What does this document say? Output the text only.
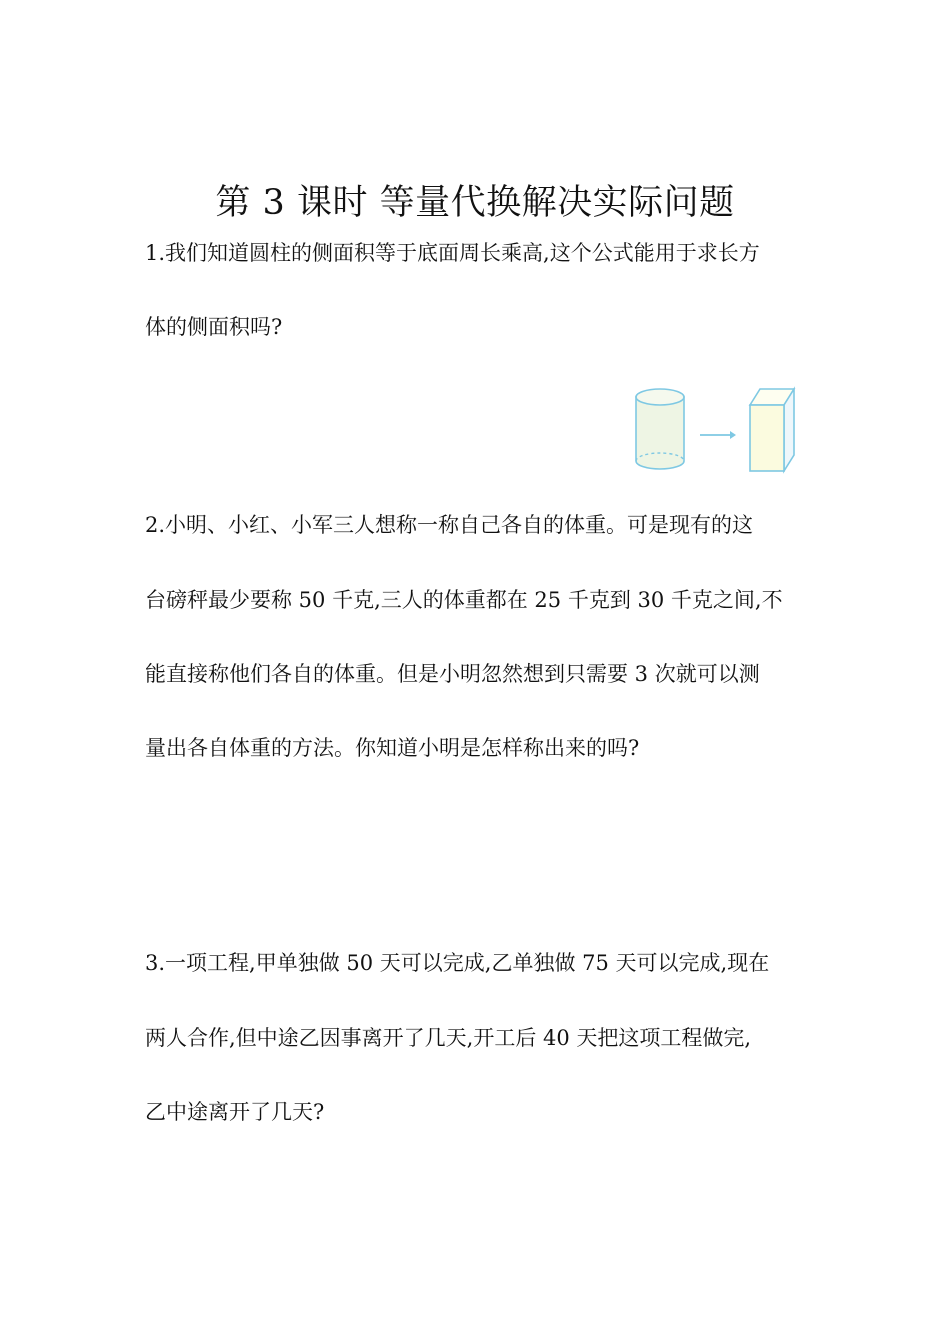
第 3 课时 等量代换解决实际问题
1.我们知道圆柱的侧面积等于底面周长乘高,这个公式能用于求长方
体的侧面积吗?
2.小明、小红、小军三人想称一称自己各自的体重。可是现有的这
台磅秤最少要称 50 千克,三人的体重都在 25 千克到 30 千克之间,不
能直接称他们各自的体重。但是小明忽然想到只需要 3 次就可以测
量出各自体重的方法。你知道小明是怎样称出来的吗?
3.一项工程,甲单独做 50 天可以完成,乙单独做 75 天可以完成,现在
两人合作,但中途乙因事离开了几天,开工后 40 天把这项工程做完,
乙中途离开了几天?
